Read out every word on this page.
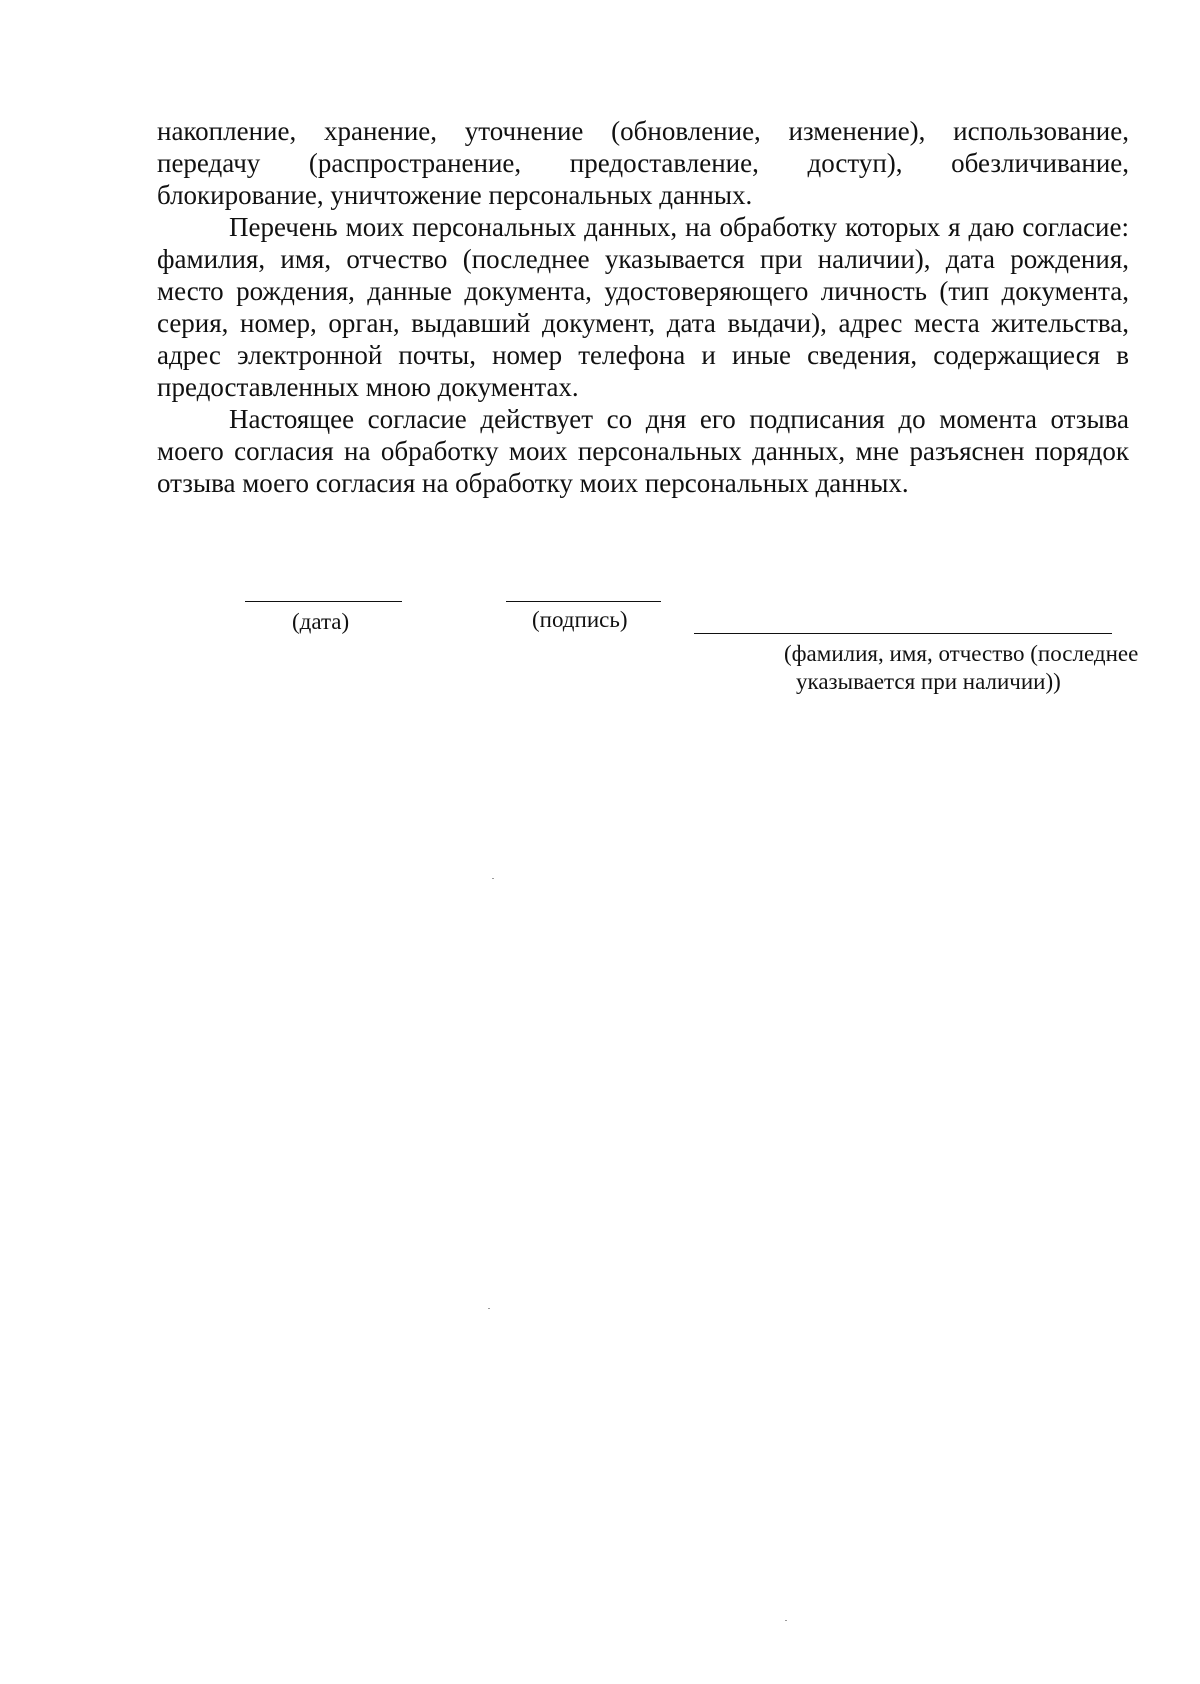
накопление, хранение, уточнение (обновление, изменение), использование, передачу (распространение, предоставление, доступ), обезличивание, блокирование, уничтожение персональных данных.

Перечень моих персональных данных, на обработку которых я даю согласие: фамилия, имя, отчество (последнее указывается при наличии), дата рождения, место рождения, данные документа, удостоверяющего личность (тип документа, серия, номер, орган, выдавший документ, дата выдачи), адрес места жительства, адрес электронной почты, номер телефона и иные сведения, содержащиеся в предоставленных мною документах.

Настоящее согласие действует со дня его подписания до момента отзыва моего согласия на обработку моих персональных данных, мне разъяснен порядок отзыва моего согласия на обработку моих персональных данных.

(дата)	(подпись)
(фамилия, имя, отчество (последнее
указывается при наличии))
